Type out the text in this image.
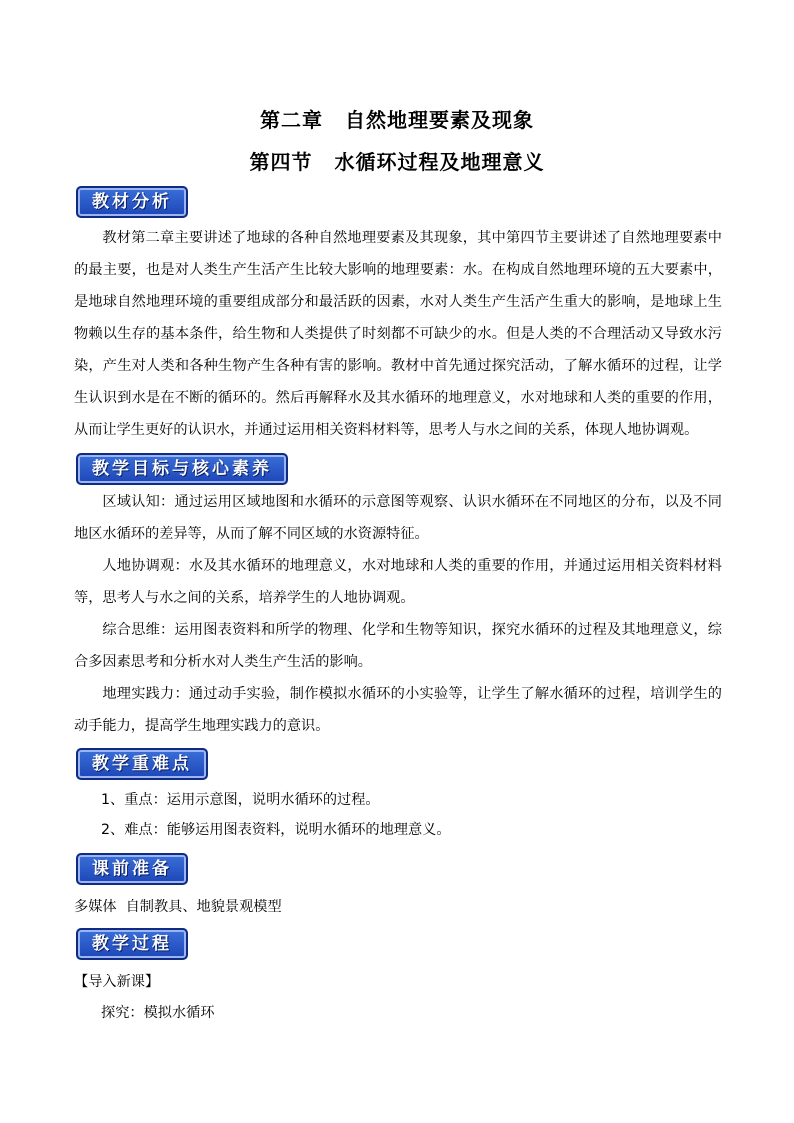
第二章 自然地理要素及现象
第四节 水循环过程及地理意义
教材分析

教材第二章主要讲述了地球的各种自然地理要素及其现象，其中第四节主要讲述了自然地理要素中的最主要，也是对人类生产生活产生比较大影响的地理要素：水。在构成自然地理环境的五大要素中，是地球自然地理环境的重要组成部分和最活跃的因素，水对人类生产生活产生重大的影响，是地球上生物赖以生存的基本条件，给生物和人类提供了时刻都不可缺少的水。但是人类的不合理活动又导致水污染，产生对人类和各种生物产生各种有害的影响。教材中首先通过探究活动，了解水循环的过程，让学生认识到水是在不断的循环的。然后再解释水及其水循环的地理意义，水对地球和人类的重要的作用，从而让学生更好的认识水，并通过运用相关资料材料等，思考人与水之间的关系，体现人地协调观。

教学目标与核心素养

区域认知：通过运用区域地图和水循环的示意图等观察、认识水循环在不同地区的分布，以及不同地区水循环的差异等，从而了解不同区域的水资源特征。

人地协调观：水及其水循环的地理意义，水对地球和人类的重要的作用，并通过运用相关资料材料等，思考人与水之间的关系，培养学生的人地协调观。

综合思维：运用图表资料和所学的物理、化学和生物等知识，探究水循环的过程及其地理意义，综合多因素思考和分析水对人类生产生活的影响。

地理实践力：通过动手实验，制作模拟水循环的小实验等，让学生了解水循环的过程，培训学生的动手能力，提高学生地理实践力的意识。

教学重难点
1、重点：运用示意图，说明水循环的过程。
2、难点：能够运用图表资料，说明水循环的地理意义。
课前准备
多媒体  自制教具、地貌景观模型
教学过程
【导入新课】
探究：模拟水循环
